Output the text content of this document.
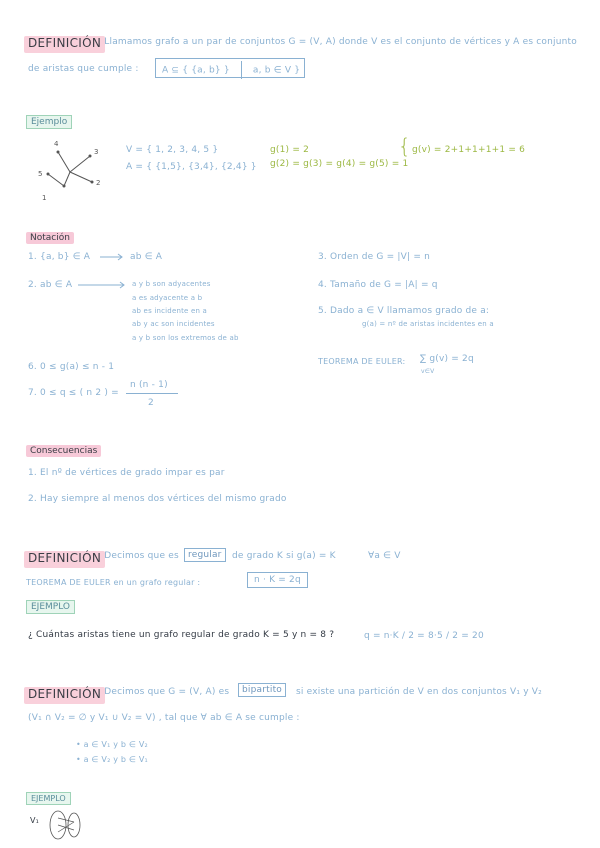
DEFINICIÓN
: Llamamos grafo a un par de conjuntos G = (V, A) donde V es el conjunto de vértices y A es conjunto
de aristas que cumple :	A ⊆ { {a, b} }	a, b ∈ V }
Ejemplo
4
3
5
2
1
V = { 1, 2, 3, 4, 5 }
A = { {1,5}, {3,4}, {2,4} }
g(1) = 2
g(2) = g(3) = g(4) = g(5) = 1
{ g(v) = 2+1+1+1+1 = 6
Notación
1. {a, b} ∈ A	ab ∈ A
2. ab ∈ A	a y b son adyacentes
a es adyacente a b
ab es incidente en a
ab y ac son incidentes
a y b son los extremos de ab
3. Orden de G = |V| = n
4. Tamaño de G = |A| = q
5. Dado a ∈ V llamamos grado de a:
g(a) = nº de aristas incidentes en a
TEOREMA DE EULER: ∑ g(v) = 2q
v∈V
6. 0 ≤ g(a) ≤ n - 1
7. 0 ≤ q ≤ ( n 2 ) =
n (n - 1)
2
Consecuencias
1. El nº de vértices de grado impar es par
2. Hay siempre al menos dos vértices del mismo grado
DEFINICIÓN
: Decimos que es	regular	de grado K si g(a) = K	∀a ∈ V
TEOREMA DE EULER en un grafo regular :	n · K = 2q
EJEMPLO
¿ Cuántas aristas tiene un grafo regular de grado K = 5 y n = 8 ?	q = n·K / 2 = 8·5 / 2 = 20
DEFINICIÓN
: Decimos que G = (V, A) es	bipartito	si existe una partición de V en dos conjuntos V₁ y V₂
(V₁ ∩ V₂ = ∅ y V₁ ∪ V₂ = V) , tal que ∀ ab ∈ A se cumple :
• a ∈ V₁ y b ∈ V₂
• a ∈ V₂ y b ∈ V₁
EJEMPLO
V₁
